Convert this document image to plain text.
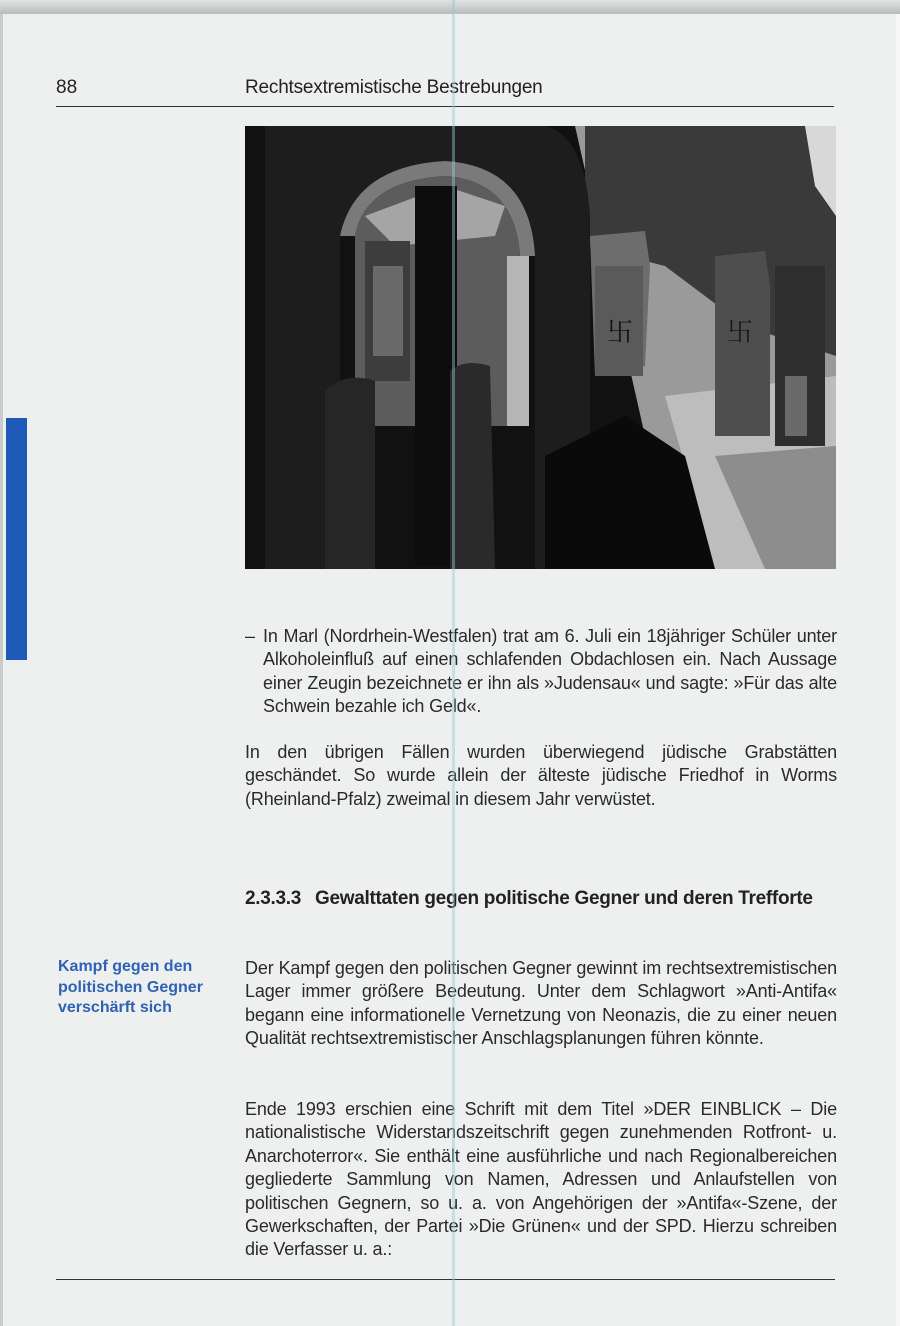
88	Rechtsextremistische Bestrebungen
卐	卐
– In Marl (Nordrhein-Westfalen) trat am 6. Juli ein 18jähriger Schüler unter Alkoholeinfluß auf einen schlafenden Obdachlosen ein. Nach Aussage einer Zeugin bezeichnete er ihn als »Judensau« und sagte: »Für das alte Schwein bezahle ich Geld«.
In den übrigen Fällen wurden überwiegend jüdische Grabstätten geschändet. So wurde allein der älteste jüdische Friedhof in Worms (Rheinland-Pfalz) zweimal in diesem Jahr verwüstet.
2.3.3.3 Gewalttaten gegen politische Gegner und deren Trefforte
Kampf gegen den politischen Gegner verschärft sich
Der Kampf gegen den politischen Gegner gewinnt im rechtsextremistischen Lager immer größere Bedeutung. Unter dem Schlagwort »Anti-Antifa« begann eine informationelle Vernetzung von Neonazis, die zu einer neuen Qualität rechtsextremistischer Anschlagsplanungen führen könnte.
Ende 1993 erschien eine Schrift mit dem Titel »DER EINBLICK – Die nationalistische Widerstandszeitschrift gegen zunehmenden Rotfront- u. Anarchoterror«. Sie enthält eine ausführliche und nach Regionalbereichen gegliederte Sammlung von Namen, Adressen und Anlaufstellen von politischen Gegnern, so u. a. von Angehörigen der »Antifa«-Szene, der Gewerkschaften, der Partei »Die Grünen« und der SPD. Hierzu schreiben die Verfasser u. a.:
